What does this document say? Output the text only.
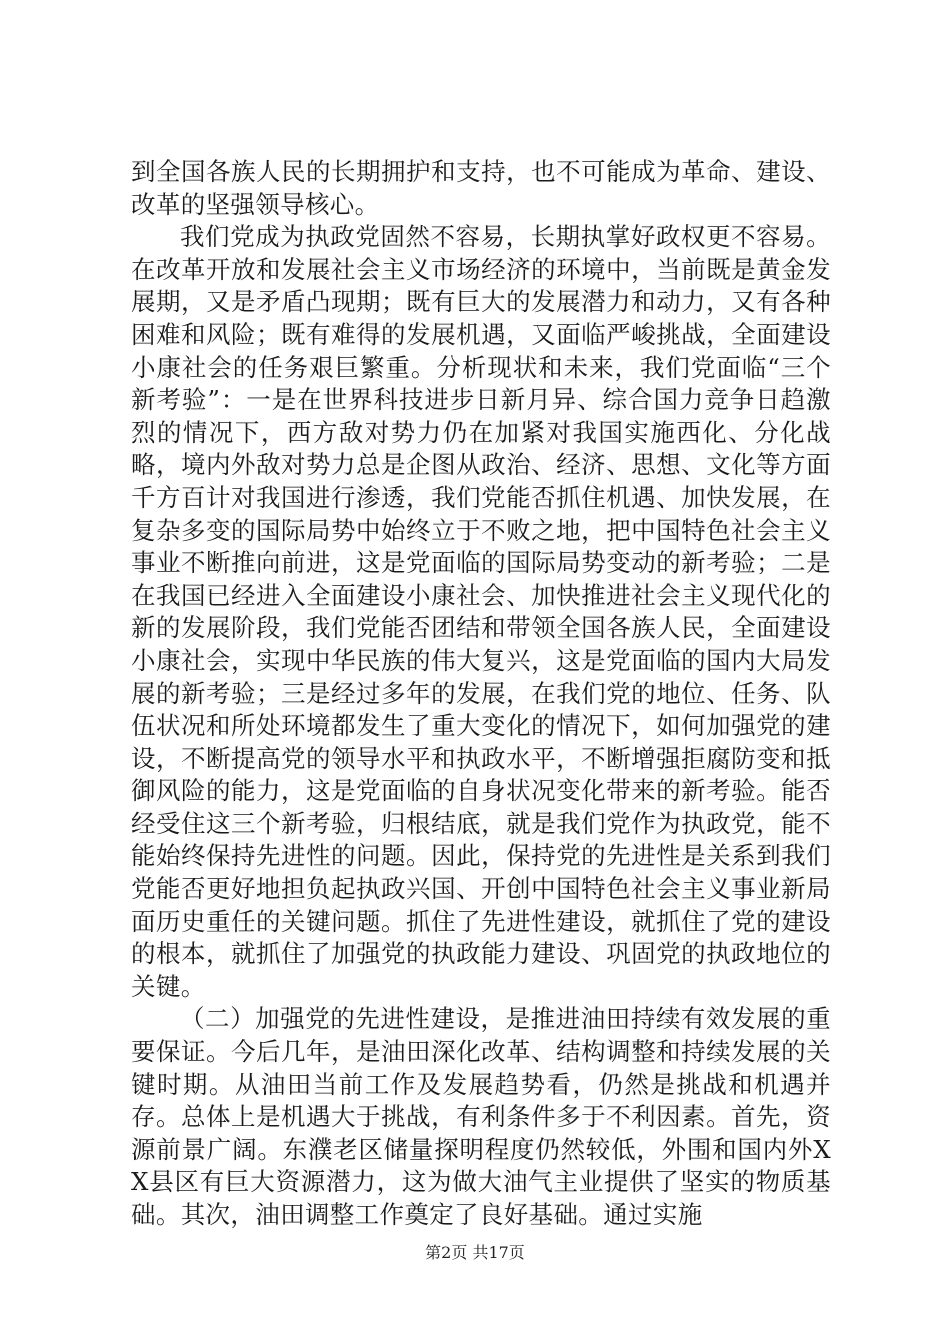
到全国各族人民的长期拥护和支持，也不可能成为革命、建设、改革的坚强领导核心。

我们党成为执政党固然不容易，长期执掌好政权更不容易。在改革开放和发展社会主义市场经济的环境中，当前既是黄金发展期，又是矛盾凸现期；既有巨大的发展潜力和动力，又有各种困难和风险；既有难得的发展机遇，又面临严峻挑战，全面建设小康社会的任务艰巨繁重。分析现状和未来，我们党面临“三个新考验”：一是在世界科技进步日新月异、综合国力竞争日趋激烈的情况下，西方敌对势力仍在加紧对我国实施西化、分化战略，境内外敌对势力总是企图从政治、经济、思想、文化等方面千方百计对我国进行渗透，我们党能否抓住机遇、加快发展，在复杂多变的国际局势中始终立于不败之地，把中国特色社会主义事业不断推向前进，这是党面临的国际局势变动的新考验；二是在我国已经进入全面建设小康社会、加快推进社会主义现代化的新的发展阶段，我们党能否团结和带领全国各族人民，全面建设小康社会，实现中华民族的伟大复兴，这是党面临的国内大局发展的新考验；三是经过多年的发展，在我们党的地位、任务、队伍状况和所处环境都发生了重大变化的情况下，如何加强党的建设，不断提高党的领导水平和执政水平，不断增强拒腐防变和抵御风险的能力，这是党面临的自身状况变化带来的新考验。能否经受住这三个新考验，归根结底，就是我们党作为执政党，能不能始终保持先进性的问题。因此，保持党的先进性是关系到我们党能否更好地担负起执政兴国、开创中国特色社会主义事业新局面历史重任的关键问题。抓住了先进性建设，就抓住了党的建设的根本，就抓住了加强党的执政能力建设、巩固党的执政地位的关键。

（二）加强党的先进性建设，是推进油田持续有效发展的重要保证。今后几年，是油田深化改革、结构调整和持续发展的关键时期。从油田当前工作及发展趋势看，仍然是挑战和机遇并存。总体上是机遇大于挑战，有利条件多于不利因素。首先，资源前景广阔。东濮老区储量探明程度仍然较低，外围和国内外XX县区有巨大资源潜力，这为做大油气主业提供了坚实的物质基础。其次，油田调整工作奠定了良好基础。通过实施

第2页 共17页
